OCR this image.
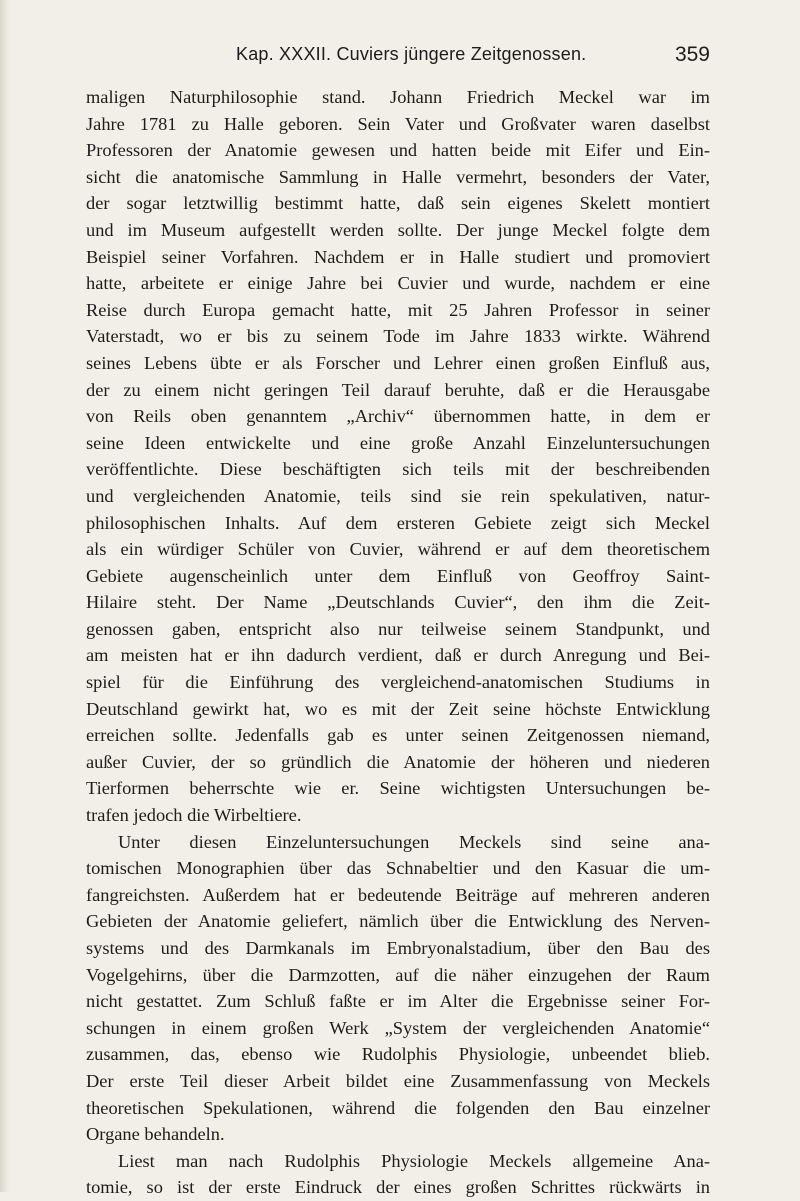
Kap. XXXII. Cuviers jüngere Zeitgenossen.	359
maligen Naturphilosophie stand. Johann Friedrich Meckel war im
Jahre 1781 zu Halle geboren. Sein Vater und Großvater waren daselbst
Professoren der Anatomie gewesen und hatten beide mit Eifer und Ein-
sicht die anatomische Sammlung in Halle vermehrt, besonders der Vater,
der sogar letztwillig bestimmt hatte, daß sein eigenes Skelett montiert
und im Museum aufgestellt werden sollte. Der junge Meckel folgte dem
Beispiel seiner Vorfahren. Nachdem er in Halle studiert und promoviert
hatte, arbeitete er einige Jahre bei Cuvier und wurde, nachdem er eine
Reise durch Europa gemacht hatte, mit 25 Jahren Professor in seiner
Vaterstadt, wo er bis zu seinem Tode im Jahre 1833 wirkte. Während
seines Lebens übte er als Forscher und Lehrer einen großen Einfluß aus,
der zu einem nicht geringen Teil darauf beruhte, daß er die Herausgabe
von Reils oben genanntem „Archiv“ übernommen hatte, in dem er
seine Ideen entwickelte und eine große Anzahl Einzeluntersuchungen
veröffentlichte. Diese beschäftigten sich teils mit der beschreibenden
und vergleichenden Anatomie, teils sind sie rein spekulativen, natur-
philosophischen Inhalts. Auf dem ersteren Gebiete zeigt sich Meckel
als ein würdiger Schüler von Cuvier, während er auf dem theoretischem
Gebiete augenscheinlich unter dem Einfluß von Geoffroy Saint-
Hilaire steht. Der Name „Deutschlands Cuvier“, den ihm die Zeit-
genossen gaben, entspricht also nur teilweise seinem Standpunkt, und
am meisten hat er ihn dadurch verdient, daß er durch Anregung und Bei-
spiel für die Einführung des vergleichend-anatomischen Studiums in
Deutschland gewirkt hat, wo es mit der Zeit seine höchste Entwicklung
erreichen sollte. Jedenfalls gab es unter seinen Zeitgenossen niemand,
außer Cuvier, der so gründlich die Anatomie der höheren und niederen
Tierformen beherrschte wie er. Seine wichtigsten Untersuchungen be-
trafen jedoch die Wirbeltiere.
Unter diesen Einzeluntersuchungen Meckels sind seine ana-
tomischen Monographien über das Schnabeltier und den Kasuar die um-
fangreichsten. Außerdem hat er bedeutende Beiträge auf mehreren anderen
Gebieten der Anatomie geliefert, nämlich über die Entwicklung des Nerven-
systems und des Darmkanals im Embryonalstadium, über den Bau des
Vogelgehirns, über die Darmzotten, auf die näher einzugehen der Raum
nicht gestattet. Zum Schluß faßte er im Alter die Ergebnisse seiner For-
schungen in einem großen Werk „System der vergleichenden Anatomie“
zusammen, das, ebenso wie Rudolphis Physiologie, unbeendet blieb.
Der erste Teil dieser Arbeit bildet eine Zusammenfassung von Meckels
theoretischen Spekulationen, während die folgenden den Bau einzelner
Organe behandeln.
Liest man nach Rudolphis Physiologie Meckels allgemeine Ana-
tomie, so ist der erste Eindruck der eines großen Schrittes rückwärts in
